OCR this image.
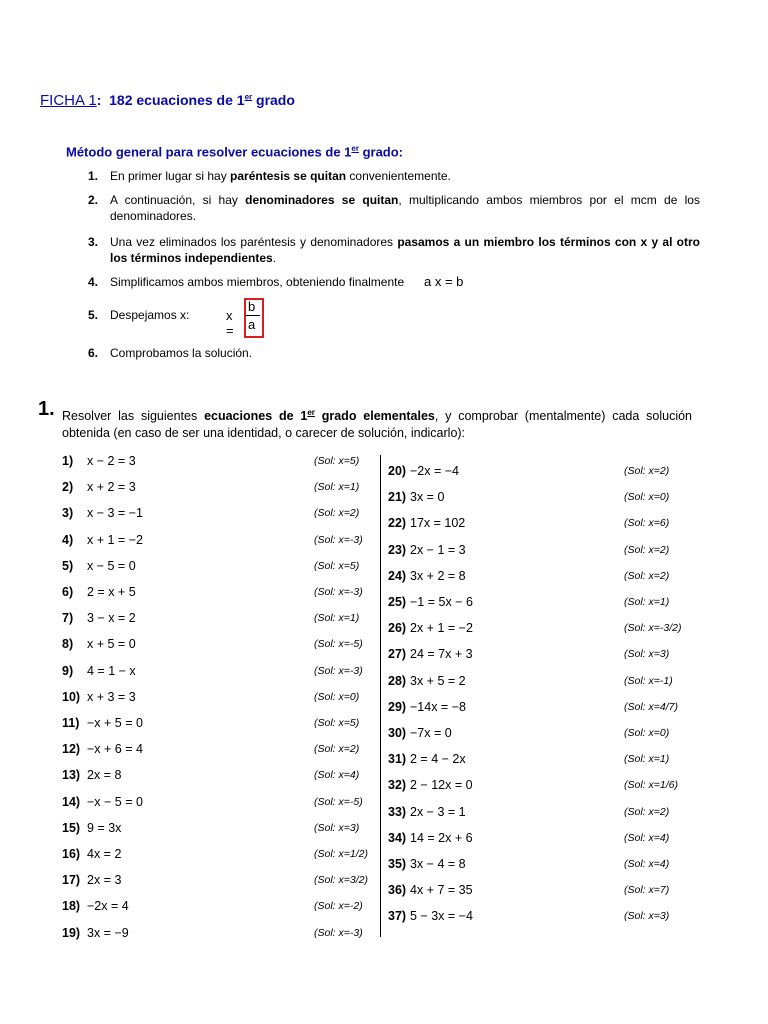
FICHA 1: 182 ecuaciones de 1er grado
Método general para resolver ecuaciones de 1er grado:
1. En primer lugar si hay paréntesis se quitan convenientemente.
2. A continuación, si hay denominadores se quitan, multiplicando ambos miembros por el mcm de los denominadores.
3. Una vez eliminados los paréntesis y denominadores pasamos a un miembro los términos con x y al otro los términos independientes.
4. Simplificamos ambos miembros, obteniendo finalmente
5. Despejamos x:
6. Comprobamos la solución.
a x = b
x =
b
a
1. Resolver las siguientes ecuaciones de 1er grado elementales, y comprobar (mentalmente) cada solución obtenida (en caso de ser una identidad, o carecer de solución, indicarlo):
1) x − 2 = 3	(Sol: x=5)
2) x + 2 = 3	(Sol: x=1)
3) x − 3 = −1	(Sol: x=2)
4) x + 1 = −2	(Sol: x=-3)
5) x − 5 = 0	(Sol: x=5)
6) 2 = x + 5	(Sol: x=-3)
7) 3 − x = 2	(Sol: x=1)
8) x + 5 = 0	(Sol: x=-5)
9) 4 = 1 − x	(Sol: x=-3)
10) x + 3 = 3	(Sol: x=0)
11) −x + 5 = 0	(Sol: x=5)
12) −x + 6 = 4	(Sol: x=2)
13) 2x = 8	(Sol: x=4)
14) −x − 5 = 0	(Sol: x=-5)
15) 9 = 3x	(Sol: x=3)
16) 4x = 2	(Sol: x=1/2)
17) 2x = 3	(Sol: x=3/2)
18) −2x = 4	(Sol: x=-2)
19) 3x = −9	(Sol: x=-3)
20) −2x = −4	(Sol: x=2)
21) 3x = 0	(Sol: x=0)
22) 17x = 102	(Sol: x=6)
23) 2x − 1 = 3	(Sol: x=2)
24) 3x + 2 = 8	(Sol: x=2)
25) −1 = 5x − 6	(Sol: x=1)
26) 2x + 1 = −2	(Sol: x=-3/2)
27) 24 = 7x + 3	(Sol: x=3)
28) 3x + 5 = 2	(Sol: x=-1)
29) −14x = −8	(Sol: x=4/7)
30) −7x = 0	(Sol: x=0)
31) 2 = 4 − 2x	(Sol: x=1)
32) 2 − 12x = 0	(Sol: x=1/6)
33) 2x − 3 = 1	(Sol: x=2)
34) 14 = 2x + 6	(Sol: x=4)
35) 3x − 4 = 8	(Sol: x=4)
36) 4x + 7 = 35	(Sol: x=7)
37) 5 − 3x = −4	(Sol: x=3)
